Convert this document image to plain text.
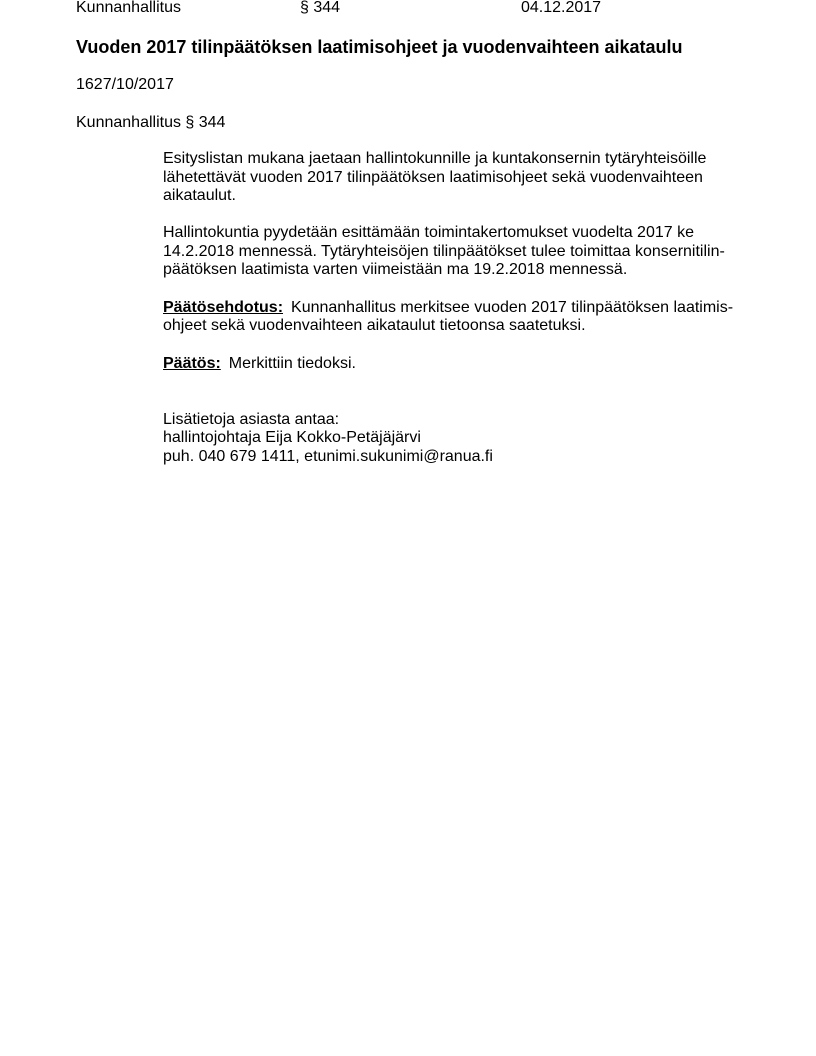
Kunnanhallitus	§ 344	04.12.2017
Vuoden 2017 tilinpäätöksen laatimisohjeet ja vuodenvaihteen aikataulu
1627/10/2017
Kunnanhallitus § 344
Esityslistan mukana jaetaan hallintokunnille ja kuntakonsernin tytäryhteisöille
lähetettävät vuoden 2017 tilinpäätöksen laatimisohjeet sekä vuodenvaihteen
aikataulut.
Hallintokuntia pyydetään esittämään toimintakertomukset vuodelta 2017 ke
14.2.2018 mennessä. Tytäryhteisöjen tilinpäätökset tulee toimittaa konsernitilin-
päätöksen laatimista varten viimeistään ma 19.2.2018 mennessä.
Päätösehdotus: Kunnanhallitus merkitsee vuoden 2017 tilinpäätöksen laatimis-
ohjeet sekä vuodenvaihteen aikataulut tietoonsa saatetuksi.
Päätös: Merkittiin tiedoksi.
Lisätietoja asiasta antaa:
hallintojohtaja Eija Kokko-Petäjäjärvi
puh. 040 679 1411, etunimi.sukunimi@ranua.fi
